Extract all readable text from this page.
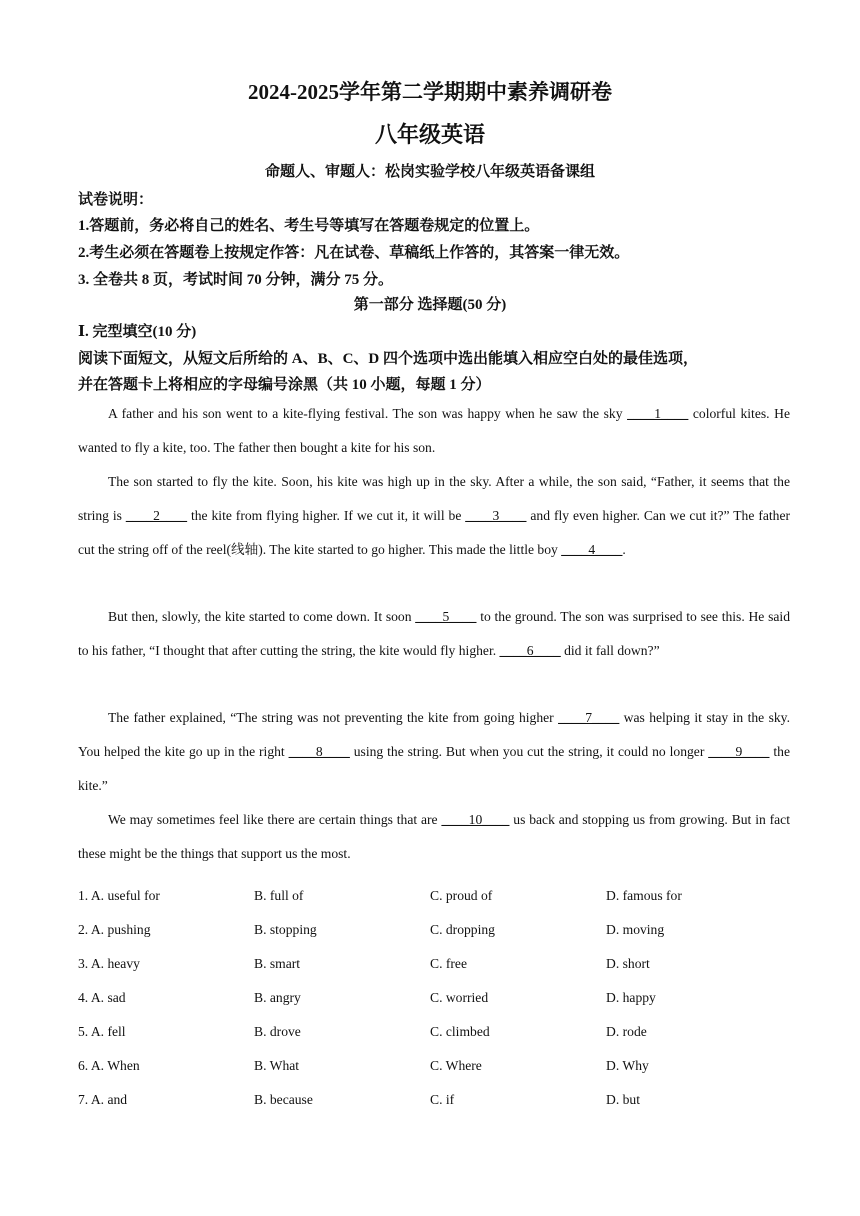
2024-2025学年第二学期期中素养调研卷
八年级英语
命题人、审题人：松岗实验学校八年级英语备课组
试卷说明：
1.答题前，务必将自己的姓名、考生号等填写在答题卷规定的位置上。
2.考生必须在答题卷上按规定作答：凡在试卷、草稿纸上作答的，其答案一律无效。
3. 全卷共 8 页，考试时间 70 分钟，满分 75 分。
第一部分 选择题(50 分)
Ⅰ. 完型填空(10 分)
阅读下面短文，从短文后所给的 A、B、C、D 四个选项中选出能填入相应空白处的最佳选项，
并在答题卡上将相应的字母编号涂黑（共 10 小题，每题 1 分）
A father and his son went to a kite-flying festival. The son was happy when he saw the sky ____1____ colorful kites. He wanted to fly a kite, too. The father then bought a kite for his son.
The son started to fly the kite. Soon, his kite was high up in the sky. After a while, the son said, “Father, it seems that the string is ____2____ the kite from flying higher. If we cut it, it will be ____3____ and fly even higher. Can we cut it?” The father cut the string off of the reel(线轴). The kite started to go higher. This made the little boy ____4____.
But then, slowly, the kite started to come down. It soon ____5____ to the ground. The son was surprised to see this. He said to his father, “I thought that after cutting the string, the kite would fly higher. ____6____ did it fall down?”
The father explained, “The string was not preventing the kite from going higher ____7____ was helping it stay in the sky. You helped the kite go up in the right ____8____ using the string. But when you cut the string, it could no longer ____9____ the kite.”
We may sometimes feel like there are certain things that are ____10____ us back and stopping us from growing. But in fact these might be the things that support us the most.
1. A. useful for	B. full of	C. proud of	D. famous for
2. A. pushing	B. stopping	C. dropping	D. moving
3. A. heavy	B. smart	C. free	D. short
4. A. sad	B. angry	C. worried	D. happy
5. A. fell	B. drove	C. climbed	D. rode
6. A. When	B. What	C. Where	D. Why
7. A. and	B. because	C. if	D. but
